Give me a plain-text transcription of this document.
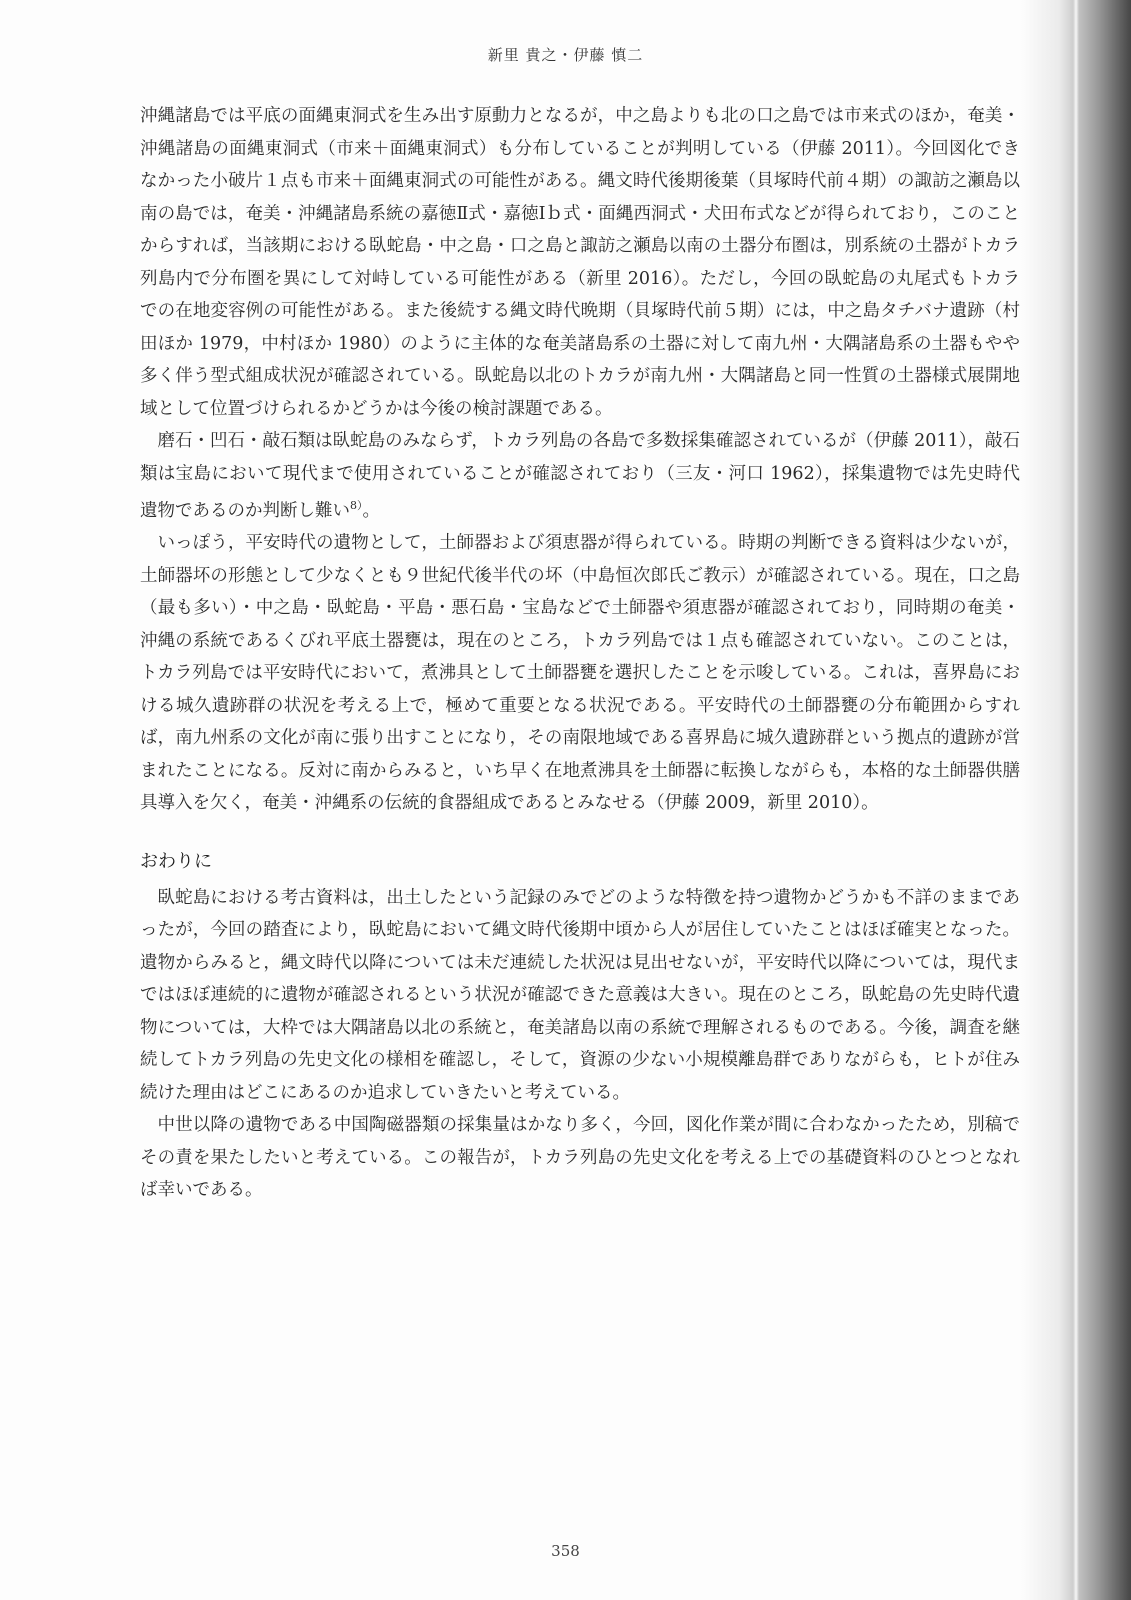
新里 貴之・伊藤 慎二

沖縄諸島では平底の面縄東洞式を生み出す原動力となるが，中之島よりも北の口之島では市来式のほか，奄美・沖縄諸島の面縄東洞式（市来＋面縄東洞式）も分布していることが判明している（伊藤 2011）。今回図化できなかった小破片１点も市来＋面縄東洞式の可能性がある。縄文時代後期後葉（貝塚時代前４期）の諏訪之瀬島以南の島では，奄美・沖縄諸島系統の嘉徳Ⅱ式・嘉徳Ⅰｂ式・面縄西洞式・犬田布式などが得られており，このことからすれば，当該期における臥蛇島・中之島・口之島と諏訪之瀬島以南の土器分布圏は，別系統の土器がトカラ列島内で分布圏を異にして対峙している可能性がある（新里 2016）。ただし，今回の臥蛇島の丸尾式もトカラでの在地変容例の可能性がある。また後続する縄文時代晩期（貝塚時代前５期）には，中之島タチバナ遺跡（村田ほか 1979，中村ほか 1980）のように主体的な奄美諸島系の土器に対して南九州・大隅諸島系の土器もやや多く伴う型式組成状況が確認されている。臥蛇島以北のトカラが南九州・大隅諸島と同一性質の土器様式展開地域として位置づけられるかどうかは今後の検討課題である。

磨石・凹石・敲石類は臥蛇島のみならず，トカラ列島の各島で多数採集確認されているが（伊藤 2011），敲石類は宝島において現代まで使用されていることが確認されており（三友・河口 1962），採集遺物では先史時代遺物であるのか判断し難い$^{8)}$。

いっぽう，平安時代の遺物として，土師器および須恵器が得られている。時期の判断できる資料は少ないが，土師器坏の形態として少なくとも９世紀代後半代の坏（中島恒次郎氏ご教示）が確認されている。現在，口之島（最も多い）・中之島・臥蛇島・平島・悪石島・宝島などで土師器や須恵器が確認されており，同時期の奄美・沖縄の系統であるくびれ平底土器甕は，現在のところ，トカラ列島では１点も確認されていない。このことは，トカラ列島では平安時代において，煮沸具として土師器甕を選択したことを示唆している。これは，喜界島における城久遺跡群の状況を考える上で，極めて重要となる状況である。平安時代の土師器甕の分布範囲からすれば，南九州系の文化が南に張り出すことになり，その南限地域である喜界島に城久遺跡群という拠点的遺跡が営まれたことになる。反対に南からみると，いち早く在地煮沸具を土師器に転換しながらも，本格的な土師器供膳具導入を欠く，奄美・沖縄系の伝統的食器組成であるとみなせる（伊藤 2009，新里 2010）。

おわりに

臥蛇島における考古資料は，出土したという記録のみでどのような特徴を持つ遺物かどうかも不詳のままであったが，今回の踏査により，臥蛇島において縄文時代後期中頃から人が居住していたことはほぼ確実となった。遺物からみると，縄文時代以降については未だ連続した状況は見出せないが，平安時代以降については，現代まではほぼ連続的に遺物が確認されるという状況が確認できた意義は大きい。現在のところ，臥蛇島の先史時代遺物については，大枠では大隅諸島以北の系統と，奄美諸島以南の系統で理解されるものである。今後，調査を継続してトカラ列島の先史文化の様相を確認し，そして，資源の少ない小規模離島群でありながらも，ヒトが住み続けた理由はどこにあるのか追求していきたいと考えている。

中世以降の遺物である中国陶磁器類の採集量はかなり多く，今回，図化作業が間に合わなかったため，別稿でその責を果たしたいと考えている。この報告が，トカラ列島の先史文化を考える上での基礎資料のひとつとなれば幸いである。

358
